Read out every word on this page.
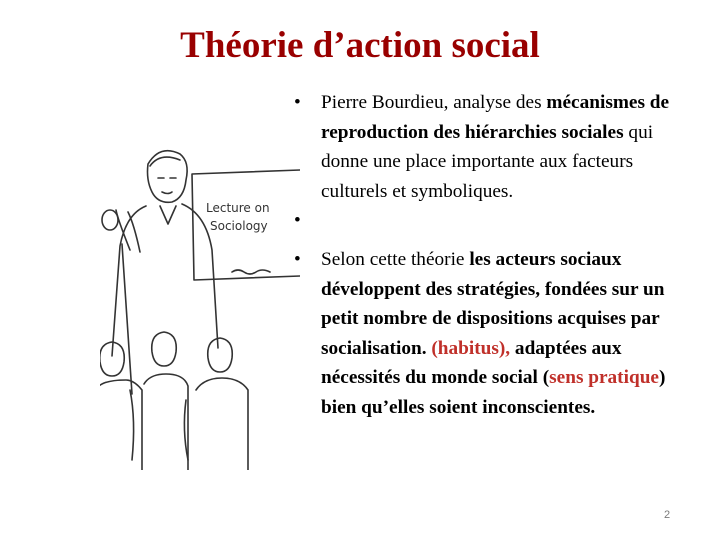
Théorie d’action social
Lecture on
Sociology
• Pierre Bourdieu, analyse des mécanismes de reproduction des hiérarchies sociales qui donne une place importante aux facteurs culturels et symboliques.
•
• Selon cette théorie les acteurs sociaux développent des stratégies, fondées sur un petit nombre de dispositions acquises par socialisation. (habitus), adaptées aux nécessités du monde social (sens pratique) bien qu’elles soient inconscientes.
2
